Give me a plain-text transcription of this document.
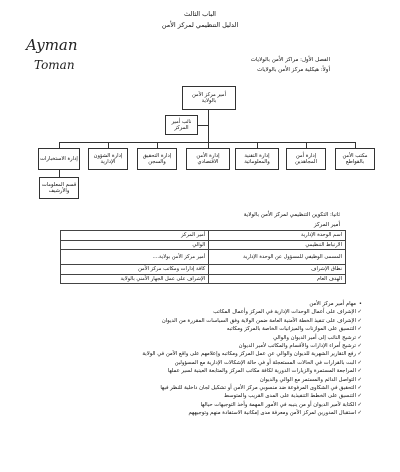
الباب الثالث
الدليل التنظيمي لمركز الأمن
Ayman
Toman	الفصل الأول: مراكز الأمن بالولايات
أولاً: هيكلية مركز الأمن بالولايات
أمير مركز الأمن بالولاية
نائب أمير المركز
مكتب الأمن بالقواطع
إدارة أمن المجاهدين
إدارة التقنية والمعلوماتية
إدارة الأمن الاقتصادي
إدارة التحقيق والسجن
إدارة الشؤون الإدارية
إدارة الاستخبارات
قسم المعلومات والأرشيف
ثانيا: التكوين التنظيمي لمركز الأمن بالولاية
أمير المركز
اسم الوحدة الإدارية	أمير المركز
الارتباط التنظيمي	الوالي
المسمى الوظيفي للمسؤول عن الوحدة الإدارية	أمير مركز الأمن بولاية....
نطاق الإشراف	كافة إدارات ومكاتب مركز الأمن
الهدف العام	الإشراف على عمل الجهاز الأمني بالولاية
•مهام أمير مركز الأمن
✓الإشراف على أعمال الوحدات الإدارية في المركز وأعمال المكاتب
✓الإشراف على تنفيذ الخطة الأمنية العامة ضمن الولاية وفق السياسات المقررة من الديوان
✓التنسيق على الموازنات والميزانيات الخاصة بالمركز ومكاتبه
✓ترشيح النائب إلى أمير الديوان والوالي
✓ترشيح أمراء الإدارات والأقسام والمكاتب لأمير الديوان
✓رفع التقارير الشهرية للديوان والوالي عن عمل المركز ومكاتبه وإعلامهم على واقع الأمن في الولاية
✓البت بالقرارات في الحالات المستعجلة أو في حالة الإشكالات الإدارية مع المسؤولين
✓المراجعة المستمرة والزيارات الدورية لكافة مكاتب المركز والمتابعة العينية لسير عملها
✓التواصل الدائم والمستمر مع الوالي والديوان
✓التحقيق في الشكاوى المرفوعة ضد منسوبي مركز الأمن أو تشكيل لجان داخلية للنظر فيها
✓التنسيق على الخطط التنفيذية على المدى القريب والمتوسط
✓الكتابة لأمير الديوان أو من ينيبه في الأمور المهمة وأخذ التوجيهات حيالها
✓استقبال المدورين لمركز الأمن ومعرفة مدى إمكانية الاستفادة منهم وتوجيههم
